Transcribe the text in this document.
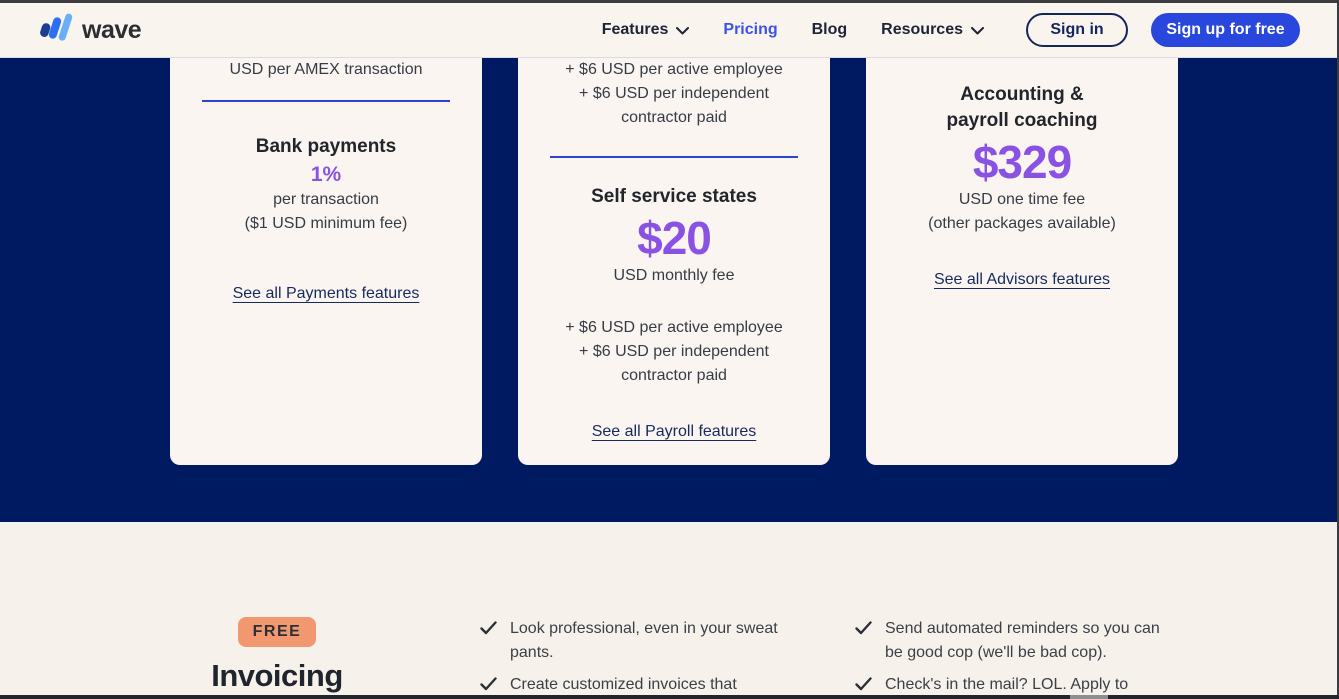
wave	Features	Pricing Blog Resources	Sign in	Sign up for free

USD per AMEX transaction

Bank payments
1%

per transaction

($1 USD minimum fee)

See all Payments features

+ $6 USD per active employee

+ $6 USD per independent

contractor paid

Self service states
$20

USD monthly fee

+ $6 USD per active employee

+ $6 USD per independent

contractor paid

See all Payroll features
Accounting &
payroll coaching
$329

USD one time fee

(other packages available)

See all Advisors features
FREE
Invoicing
Look professional, even in your sweat pants.
Create customized invoices that
Send automated reminders so you can be good cop (we'll be bad cop).
Check's in the mail? LOL. Apply to
